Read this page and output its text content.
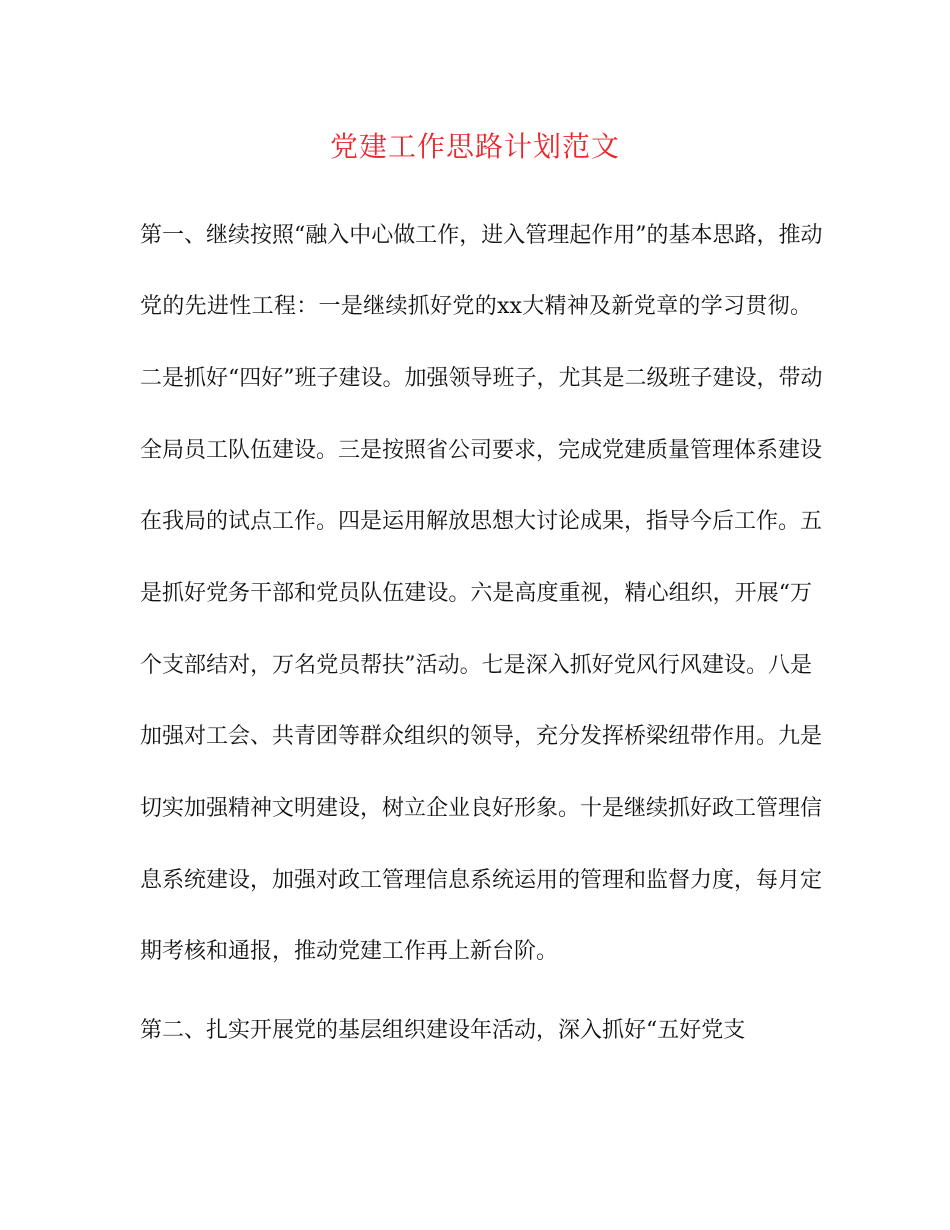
党建工作思路计划范文
第一、继续按照“融入中心做工作，进入管理起作用”的基本思路，推动
党的先进性工程：一是继续抓好党的xx大精神及新党章的学习贯彻。
二是抓好“四好”班子建设。加强领导班子，尤其是二级班子建设，带动
全局员工队伍建设。三是按照省公司要求，完成党建质量管理体系建设
在我局的试点工作。四是运用解放思想大讨论成果，指导今后工作。五
是抓好党务干部和党员队伍建设。六是高度重视，精心组织，开展“万
个支部结对，万名党员帮扶”活动。七是深入抓好党风行风建设。八是
加强对工会、共青团等群众组织的领导，充分发挥桥梁纽带作用。九是
切实加强精神文明建设，树立企业良好形象。十是继续抓好政工管理信
息系统建设，加强对政工管理信息系统运用的管理和监督力度，每月定
期考核和通报，推动党建工作再上新台阶。
第二、扎实开展党的基层组织建设年活动，深入抓好“五好党支
